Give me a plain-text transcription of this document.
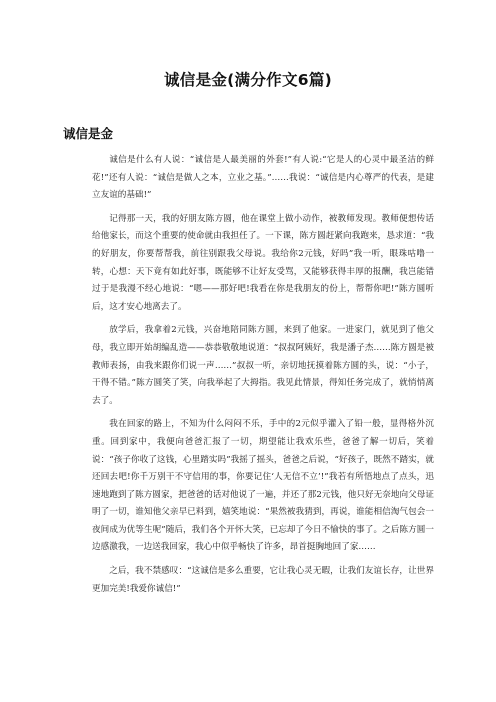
诚信是金(满分作文6篇)
诚信是金

诚信是什么有人说：“诚信是人最美丽的外套!”有人说:“它是人的心灵中最圣洁的鲜花!”还有人说：“诚信是做人之本，立业之基。”……我说：“诚信是内心尊严的代表，是建立友谊的基础!”

记得那一天，我的好朋友陈方圆，他在课堂上做小动作，被教师发现。教师便想传话给他家长，而这个重要的使命就由我担任了。一下课，陈方圆赶紧向我跑来，恳求道：“我的好朋友，你要帮帮我，前往别跟我父母说。我给你2元钱，好吗”我一听，眼珠咕噜一转，心想：天下竟有如此好事，既能够不让好友受骂，又能够获得丰厚的报酬，我岂能错过于是我漫不经心地说：“嗯——那好吧!我看在你是我朋友的份上，帮帮你吧!”陈方圆听后，这才安心地离去了。

放学后，我拿着2元钱，兴奋地陪同陈方圆，来到了他家。一进家门，就见到了他父母，我立即开始胡编乱造——恭恭敬敬地说道：“叔叔阿姨好，我是潘子杰……陈方圆是被教师表扬，由我来跟你们说一声……”叔叔一听，亲切地抚摸着陈方圆的头，说：“小子，干得不错。”陈方圆笑了笑，向我举起了大拇指。我见此情景，得知任务完成了，就悄悄离去了。

我在回家的路上，不知为什么闷闷不乐，手中的2元似乎灌入了铅一般，显得格外沉重。回到家中，我便向爸爸汇报了一切，期望能让我欢乐些，爸爸了解一切后，笑着说：“孩子你收了这钱，心里踏实吗”我摇了摇头，爸爸之后说，“好孩子，既然不踏实，就还回去吧!你千万别干不守信用的事，你要记住‘人无信不立’!”我若有所悟地点了点头，迅速地跑到了陈方圆家，把爸爸的话对他说了一遍，并还了那2元钱，他只好无奈地向父母证明了一切，谁知他父亲早已料到，嬉笑地说：“果然被我猜到，再说，谁能相信淘气包会一夜间成为优等生呢”随后，我们各个开怀大笑，已忘却了今日不愉快的事了。之后陈方圆一边感激我，一边送我回家，我心中似乎畅快了许多，昂首挺胸地回了家……

之后，我不禁感叹：“这诚信是多么重要，它让我心灵无暇，让我们友谊长存，让世界更加完美!我爱你诚信!”
